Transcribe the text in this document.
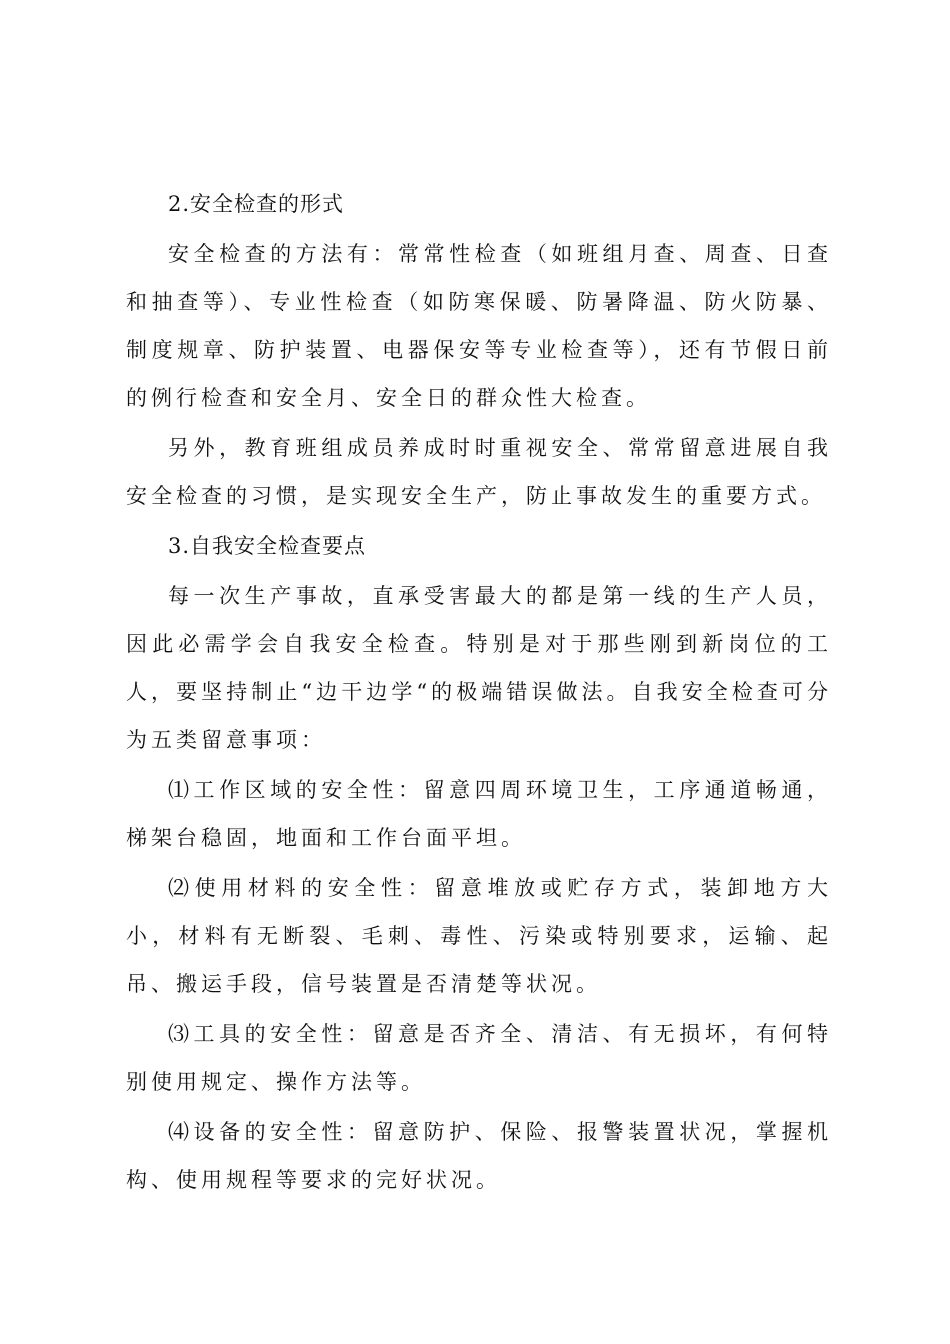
2.安全检查的形式

安全检查的方法有：常常性检查（如班组月查、周查、日查和抽查等）、专业性检查（如防寒保暖、防暑降温、防火防暴、制度规章、防护装置、电器保安等专业检查等），还有节假日前的例行检查和安全月、安全日的群众性大检查。

另外，教育班组成员养成时时重视安全、常常留意进展自我安全检查的习惯，是实现安全生产，防止事故发生的重要方式。

3.自我安全检查要点

每一次生产事故，直承受害最大的都是第一线的生产人员，因此必需学会自我安全检查。特别是对于那些刚到新岗位的工人，要坚持制止“边干边学“的极端错误做法。自我安全检查可分为五类留意事项：

⑴工作区域的安全性：留意四周环境卫生，工序通道畅通，梯架台稳固，地面和工作台面平坦。

⑵使用材料的安全性：留意堆放或贮存方式，装卸地方大小，材料有无断裂、毛刺、毒性、污染或特别要求，运输、起吊、搬运手段，信号装置是否清楚等状况。

⑶工具的安全性：留意是否齐全、清洁、有无损坏，有何特别使用规定、操作方法等。

⑷设备的安全性：留意防护、保险、报警装置状况，掌握机构、使用规程等要求的完好状况。
